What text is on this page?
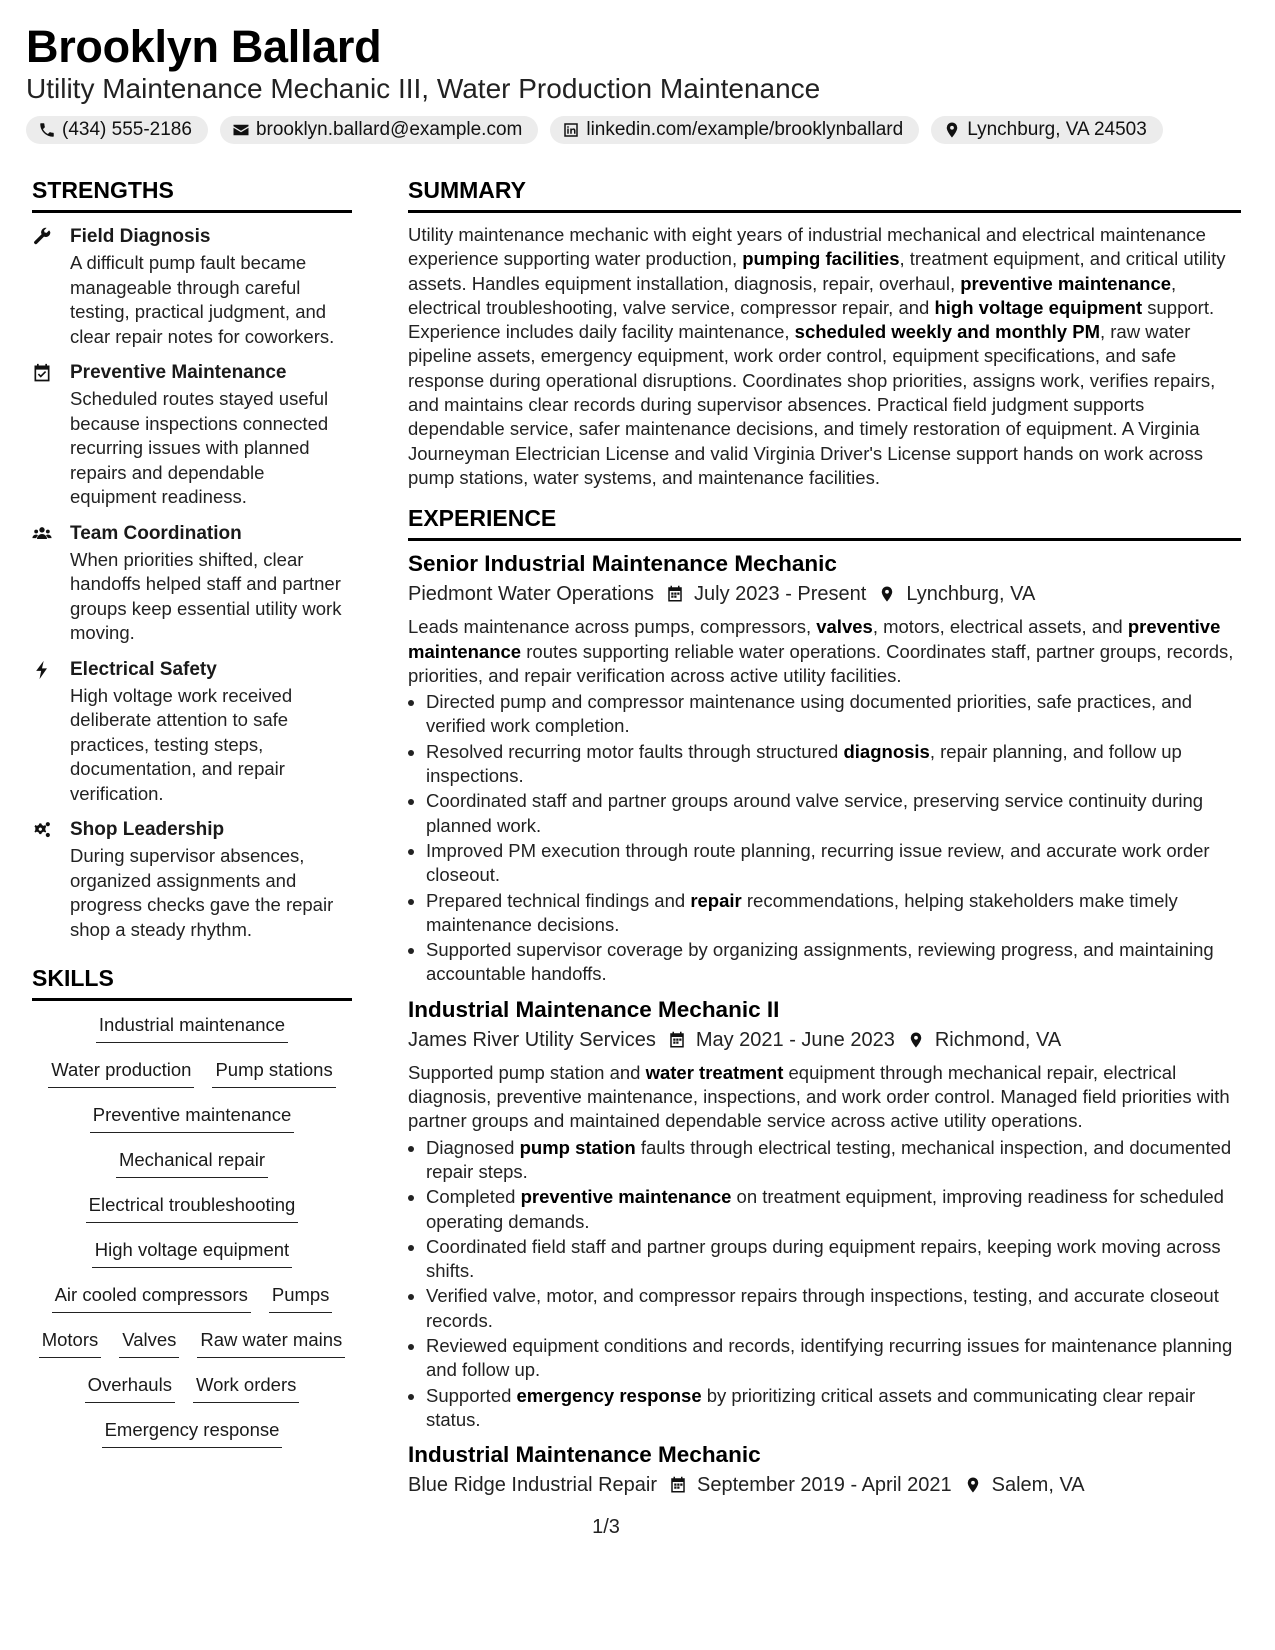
Brooklyn Ballard
Utility Maintenance Mechanic III, Water Production Maintenance
(434) 555-2186	brooklyn.ballard@example.com	linkedin.com/example/brooklynballard	Lynchburg, VA 24503
STRENGTHS
Field Diagnosis
A difficult pump fault became manageable through careful testing, practical judgment, and clear repair notes for coworkers.
Preventive Maintenance
Scheduled routes stayed useful because inspections connected recurring issues with planned repairs and dependable equipment readiness.
Team Coordination
When priorities shifted, clear handoffs helped staff and partner groups keep essential utility work moving.
Electrical Safety
High voltage work received deliberate attention to safe practices, testing steps, documentation, and repair verification.
Shop Leadership
During supervisor absences, organized assignments and progress checks gave the repair shop a steady rhythm.
SKILLS
Industrial maintenance
Water production Pump stations
Preventive maintenance
Mechanical repair
Electrical troubleshooting
High voltage equipment
Air cooled compressors Pumps
Motors Valves Raw water mains
Overhauls Work orders
Emergency response
SUMMARY
Utility maintenance mechanic with eight years of industrial mechanical and electrical maintenance experience supporting water production, pumping facilities, treatment equipment, and critical utility assets. Handles equipment installation, diagnosis, repair, overhaul, preventive maintenance, electrical troubleshooting, valve service, compressor repair, and high voltage equipment support. Experience includes daily facility maintenance, scheduled weekly and monthly PM, raw water pipeline assets, emergency equipment, work order control, equipment specifications, and safe response during operational disruptions. Coordinates shop priorities, assigns work, verifies repairs, and maintains clear records during supervisor absences. Practical field judgment supports dependable service, safer maintenance decisions, and timely restoration of equipment. A Virginia Journeyman Electrician License and valid Virginia Driver's License support hands on work across pump stations, water systems, and maintenance facilities.
EXPERIENCE
Senior Industrial Maintenance Mechanic
Piedmont Water Operations July 2023 - Present Lynchburg, VA
Leads maintenance across pumps, compressors, valves, motors, electrical assets, and preventive maintenance routes supporting reliable water operations. Coordinates staff, partner groups, records, priorities, and repair verification across active utility facilities.
• Directed pump and compressor maintenance using documented priorities, safe practices, and verified work completion.
• Resolved recurring motor faults through structured diagnosis, repair planning, and follow up inspections.
• Coordinated staff and partner groups around valve service, preserving service continuity during planned work.
• Improved PM execution through route planning, recurring issue review, and accurate work order closeout.
• Prepared technical findings and repair recommendations, helping stakeholders make timely maintenance decisions.
• Supported supervisor coverage by organizing assignments, reviewing progress, and maintaining accountable handoffs.
Industrial Maintenance Mechanic II
James River Utility Services May 2021 - June 2023 Richmond, VA
Supported pump station and water treatment equipment through mechanical repair, electrical diagnosis, preventive maintenance, inspections, and work order control. Managed field priorities with partner groups and maintained dependable service across active utility operations.
• Diagnosed pump station faults through electrical testing, mechanical inspection, and documented repair steps.
• Completed preventive maintenance on treatment equipment, improving readiness for scheduled operating demands.
• Coordinated field staff and partner groups during equipment repairs, keeping work moving across shifts.
• Verified valve, motor, and compressor repairs through inspections, testing, and accurate closeout records.
• Reviewed equipment conditions and records, identifying recurring issues for maintenance planning and follow up.
• Supported emergency response by prioritizing critical assets and communicating clear repair status.
Industrial Maintenance Mechanic
Blue Ridge Industrial Repair September 2019 - April 2021 Salem, VA
1/3
